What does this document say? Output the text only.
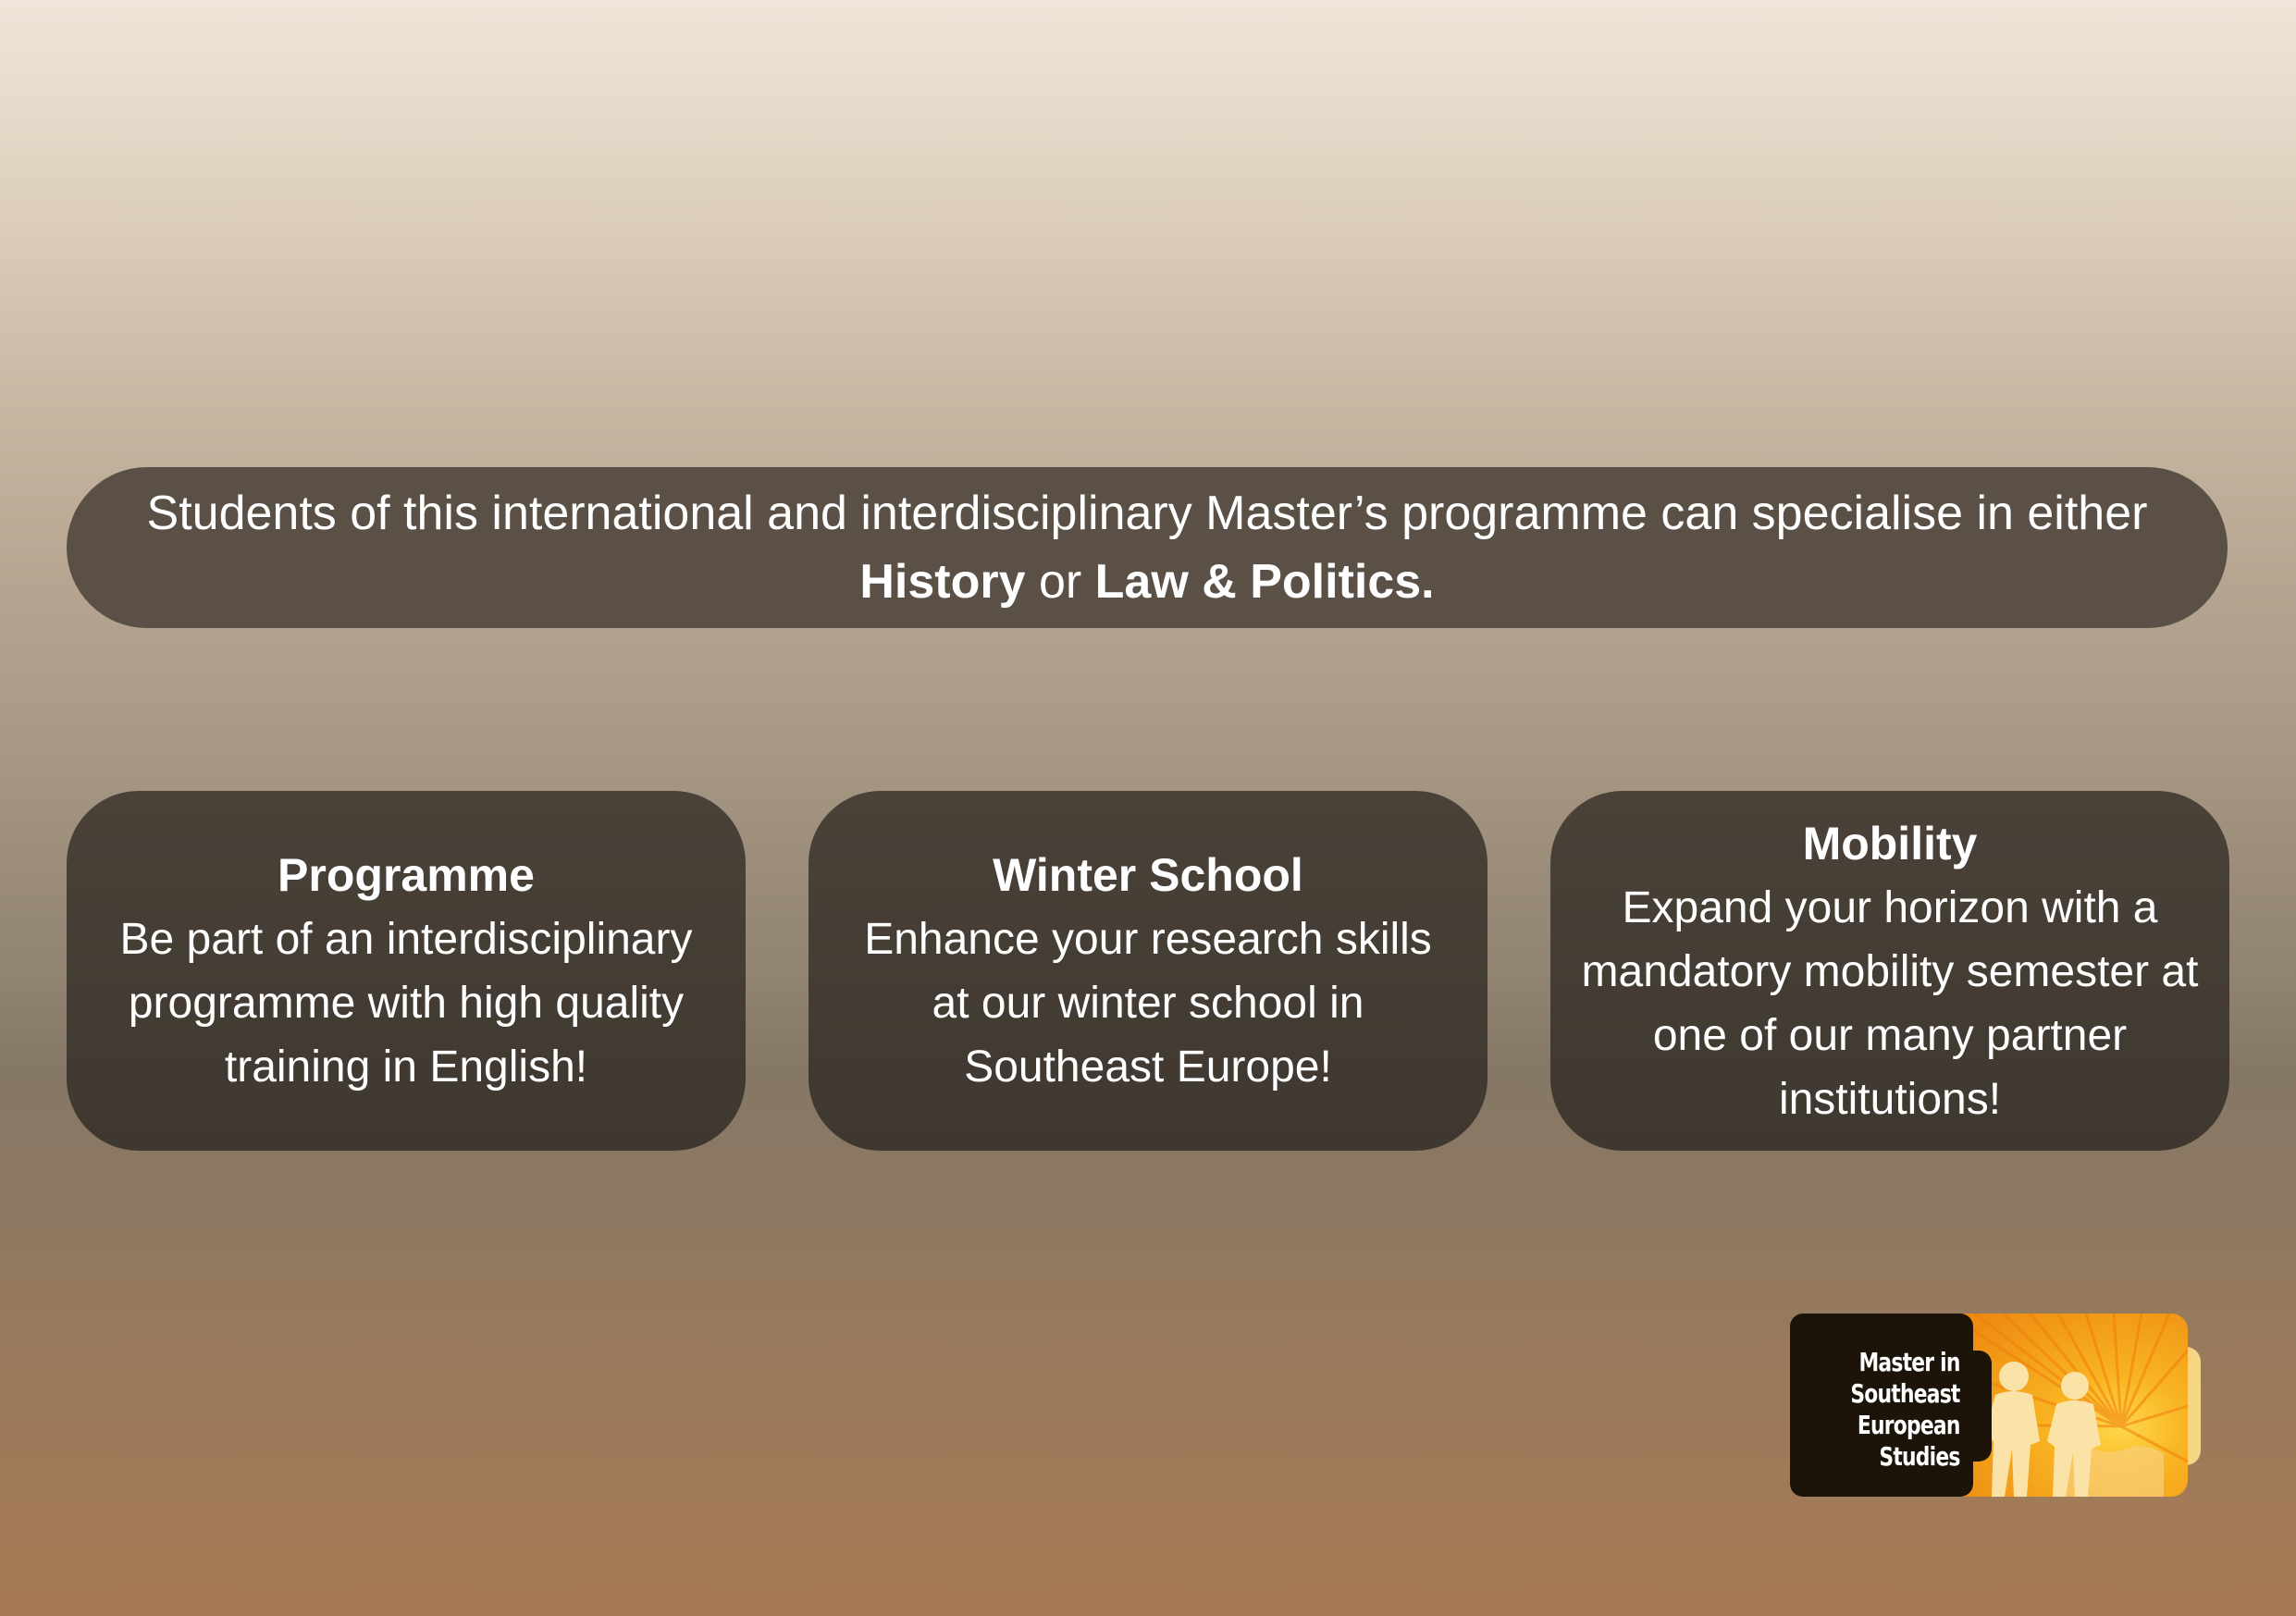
Students of this international and interdisciplinary Master’s programme can specialise in either
History or Law & Politics.
Programme
Be part of an interdisciplinary
programme with high quality
training in English!
Winter School
Enhance your research skills
at our winter school in
Southeast Europe!
Mobility
Expand your horizon with a
mandatory mobility semester at
one of our many partner
institutions!
Master in
Southeast
European
Studies
